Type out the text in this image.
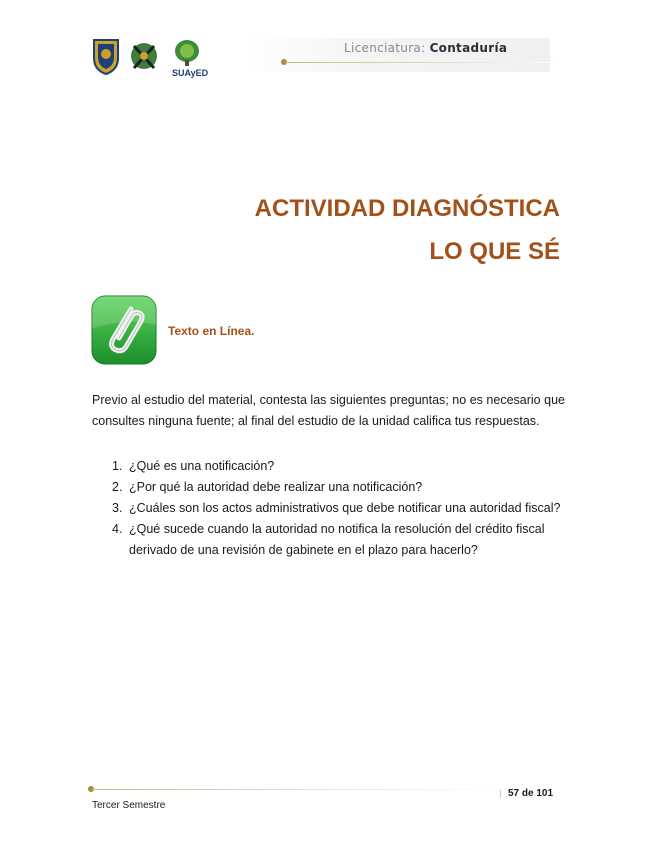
SUAyED
Licenciatura: Contaduría
ACTIVIDAD DIAGNÓSTICA
LO QUE SÉ
Texto en Línea.

Previo al estudio del material, contesta las siguientes preguntas; no es necesario que consultes ninguna fuente; al final del estudio de la unidad califica tus respuestas.

1. ¿Qué es una notificación?
2. ¿Por qué la autoridad debe realizar una notificación?
3. ¿Cuáles son los actos administrativos que debe notificar una autoridad fiscal?
4. ¿Qué sucede cuando la autoridad no notifica la resolución del crédito fiscal derivado de una revisión de gabinete en el plazo para hacerlo?
57 de 101
Tercer Semestre
